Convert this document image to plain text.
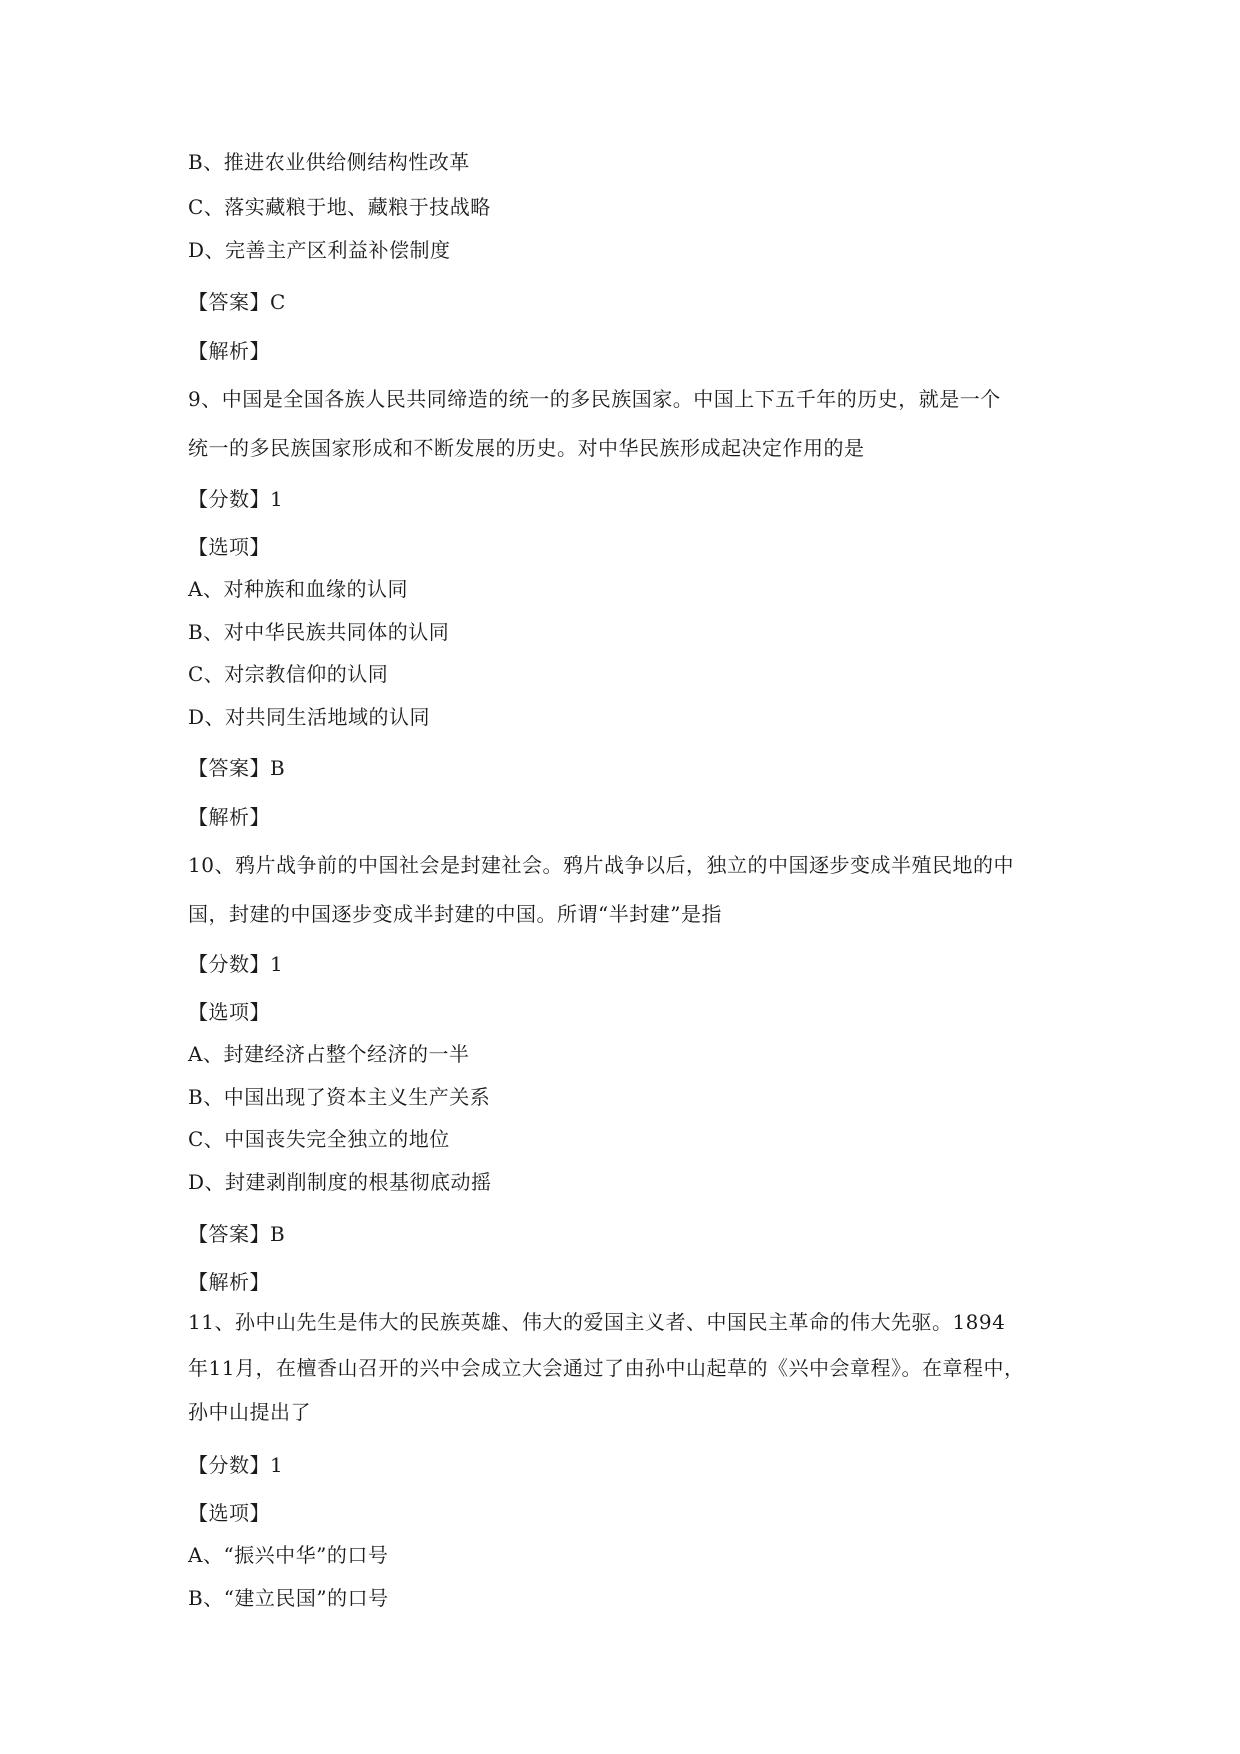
B、推进农业供给侧结构性改革
C、落实藏粮于地、藏粮于技战略
D、完善主产区利益补偿制度
【答案】C
【解析】
9、中国是全国各族人民共同缔造的统一的多民族国家。中国上下五千年的历史，就是一个
统一的多民族国家形成和不断发展的历史。对中华民族形成起决定作用的是
【分数】1
【选项】
A、对种族和血缘的认同
B、对中华民族共同体的认同
C、对宗教信仰的认同
D、对共同生活地域的认同
【答案】B
【解析】
10、鸦片战争前的中国社会是封建社会。鸦片战争以后，独立的中国逐步变成半殖民地的中
国，封建的中国逐步变成半封建的中国。所谓“半封建”是指
【分数】1
【选项】
A、封建经济占整个经济的一半
B、中国出现了资本主义生产关系
C、中国丧失完全独立的地位
D、封建剥削制度的根基彻底动摇
【答案】B
【解析】
11、孙中山先生是伟大的民族英雄、伟大的爱国主义者、中国民主革命的伟大先驱。1894
年11月，在檀香山召开的兴中会成立大会通过了由孙中山起草的《兴中会章程》。在章程中，
孙中山提出了
【分数】1
【选项】
A、“振兴中华”的口号
B、“建立民国”的口号
